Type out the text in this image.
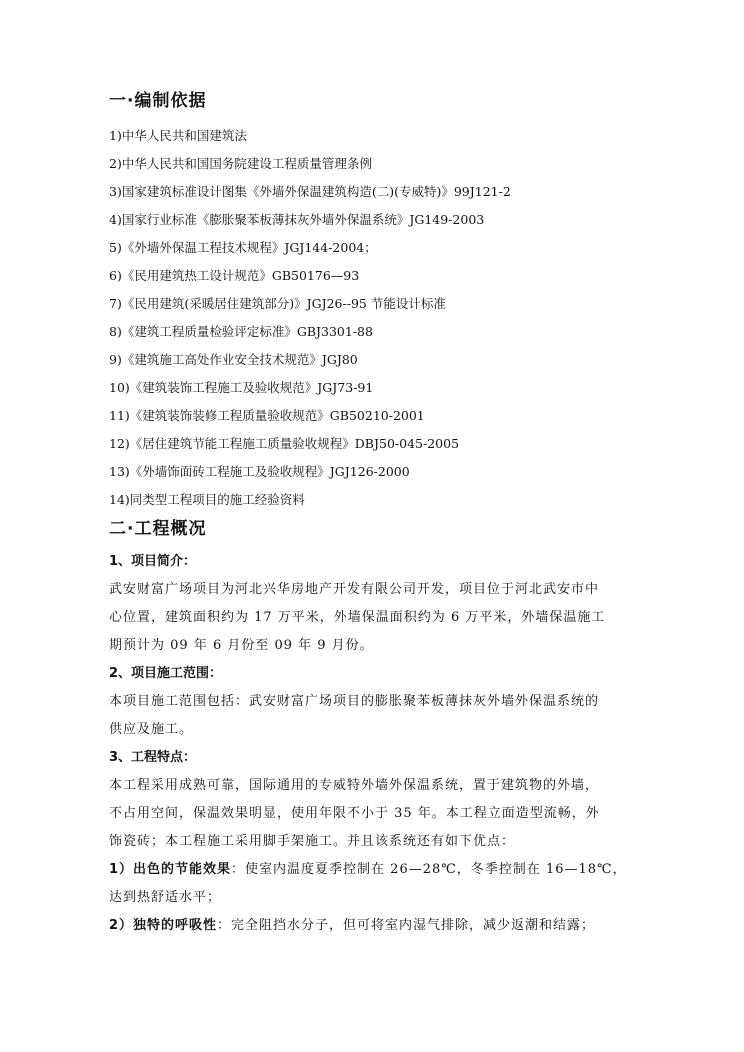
一·编制依据
1)中华人民共和国建筑法
2)中华人民共和国国务院建设工程质量管理条例
3)国家建筑标准设计图集《外墙外保温建筑构造(二)(专威特)》99J121-2
4)国家行业标准《膨胀聚苯板薄抹灰外墙外保温系统》JG149-2003
5)《外墙外保温工程技术规程》JGJ144-2004；
6)《民用建筑热工设计规范》GB50176—93
7)《民用建筑(采暖居住建筑部分)》JGJ26--95 节能设计标准
8)《建筑工程质量检验评定标准》GBJ3301-88
9)《建筑施工高处作业安全技术规范》JGJ80
10)《建筑装饰工程施工及验收规范》JGJ73-91
11)《建筑装饰装修工程质量验收规范》GB50210-2001
12)《居住建筑节能工程施工质量验收规程》DBJ50-045-2005
13)《外墙饰面砖工程施工及验收规程》JGJ126-2000
14)同类型工程项目的施工经验资料
二·工程概况
1、项目简介：

武安财富广场项目为河北兴华房地产开发有限公司开发，项目位于河北武安市中
心位置，建筑面积约为 17 万平米，外墙保温面积约为 6 万平米，外墙保温施工
期预计为 09 年 6 月份至 09 年 9 月份。

2、项目施工范围：

本项目施工范围包括：武安财富广场项目的膨胀聚苯板薄抹灰外墙外保温系统的
供应及施工。

3、工程特点：

本工程采用成熟可靠，国际通用的专威特外墙外保温系统，置于建筑物的外墙，
不占用空间，保温效果明显，使用年限不小于 35 年。本工程立面造型流畅，外
饰瓷砖；本工程施工采用脚手架施工。并且该系统还有如下优点：

1）出色的节能效果：使室内温度夏季控制在 26—28℃，冬季控制在 16—18℃，
达到热舒适水平；

2）独特的呼吸性：完全阻挡水分子，但可将室内湿气排除，减少返潮和结露；
